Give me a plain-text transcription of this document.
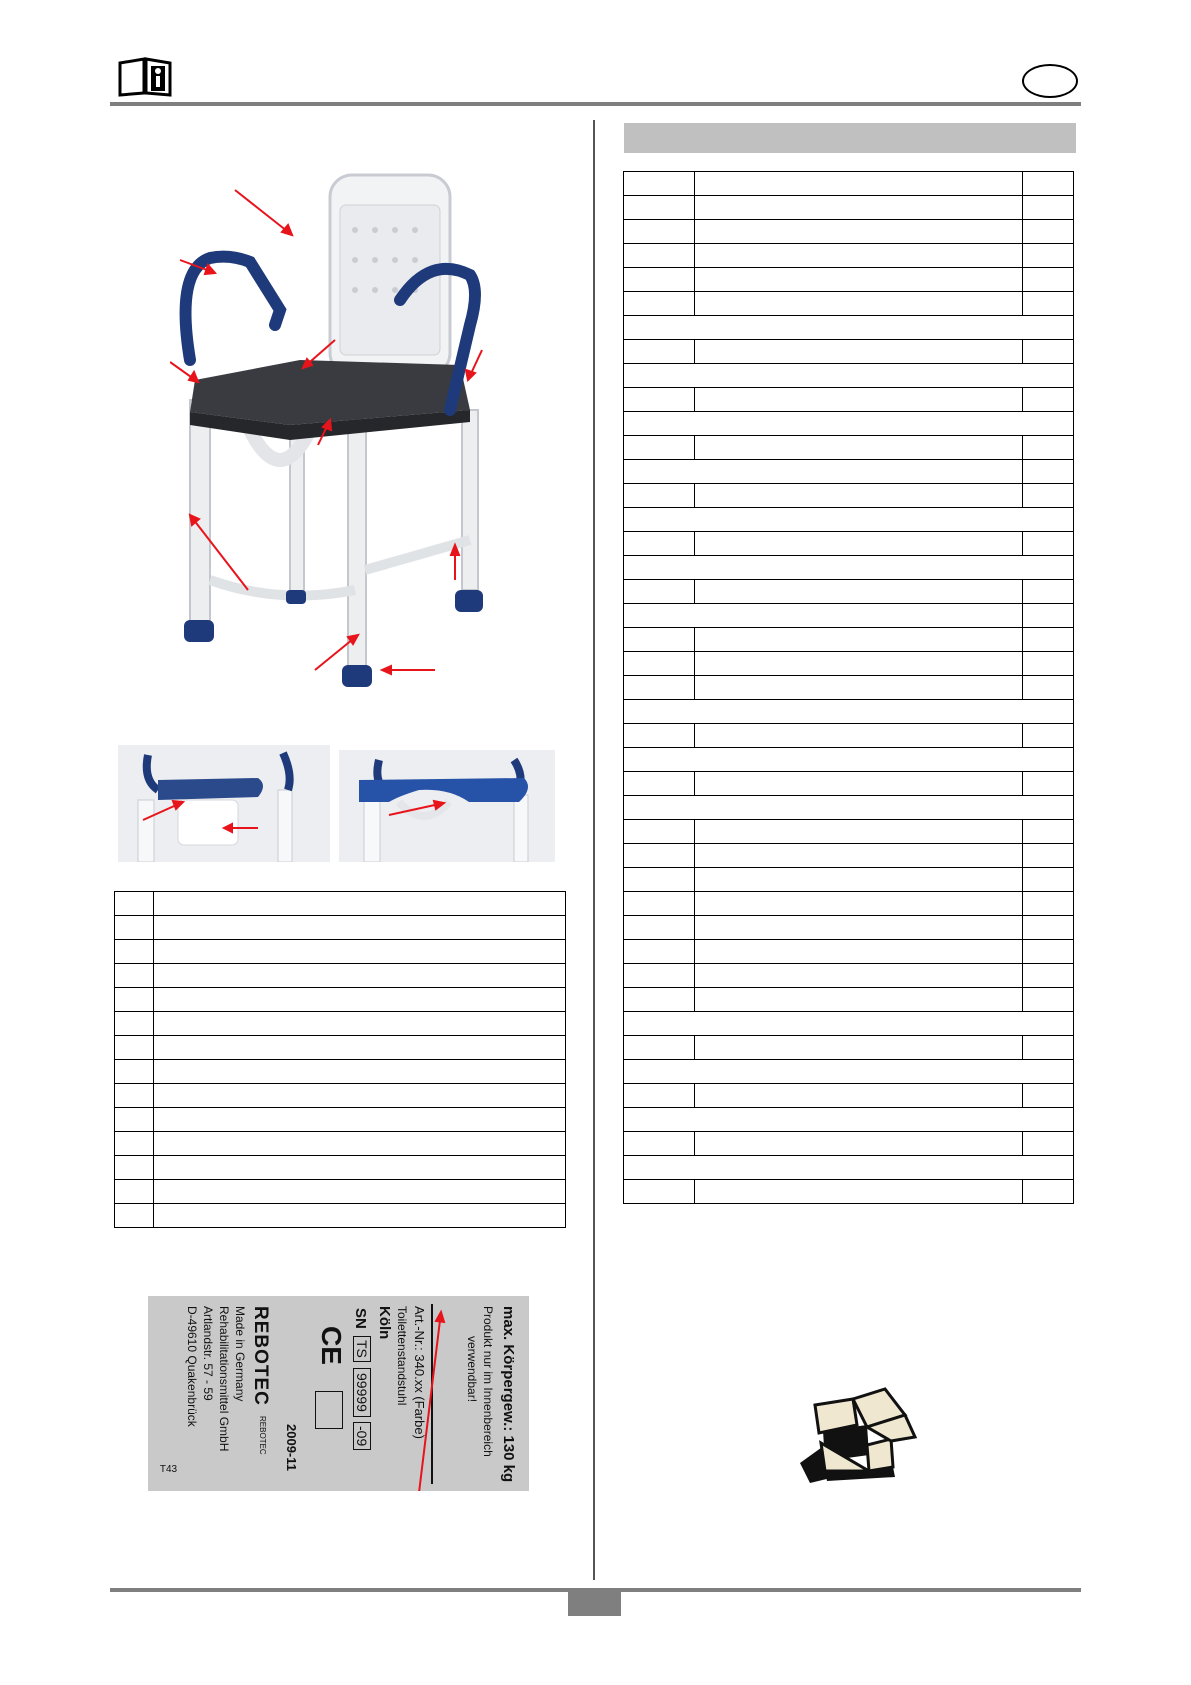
max. Körpergew.: 130 kg
Produkt nur im Innenbereich
verwendbar!
Art.-Nr.: 340.xx (Farbe)
Toilettenstandstuhl
Köln
SN
TS
99999
-09
CE
2009-11
REBOTEC
REBOTEC
Made in Germany
Rehabilitationsmittel GmbH
Artlandstr. 57 - 59
D-49610 Quakenbrück
T43
